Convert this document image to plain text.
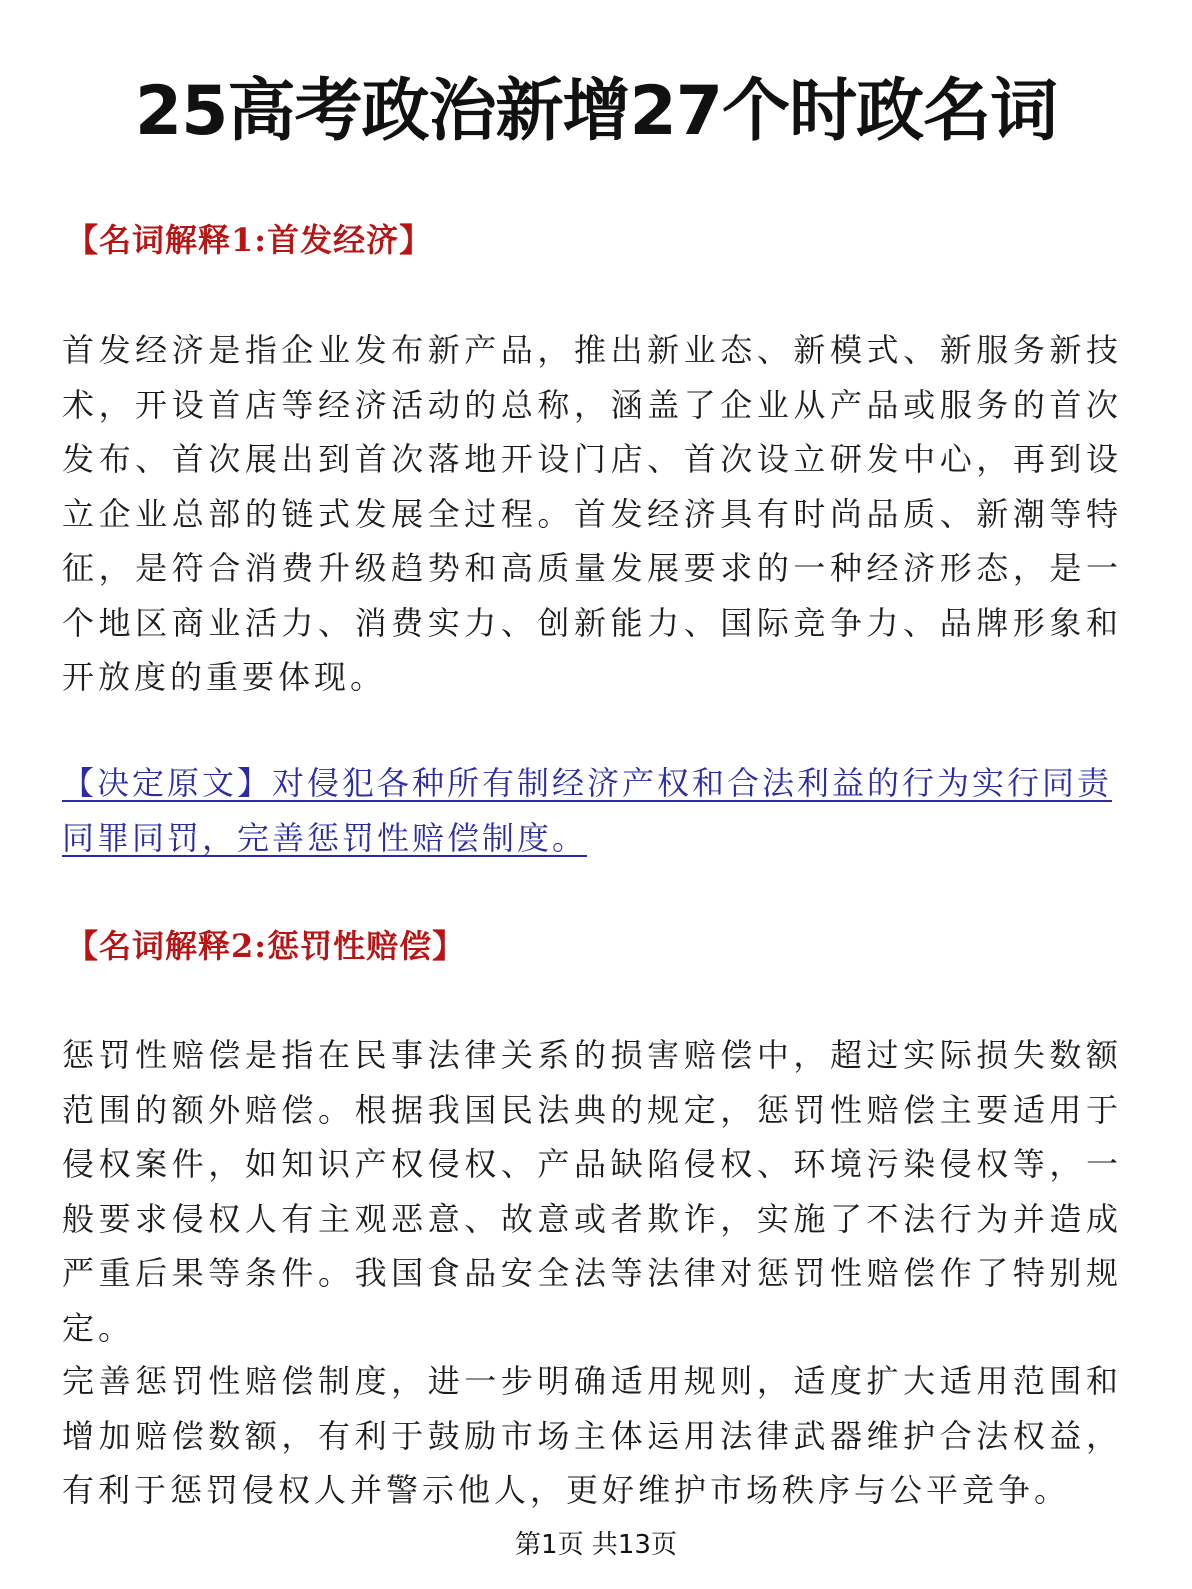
25高考政治新增27个时政名词
【名词解释1:首发经济】
首发经济是指企业发布新产品，推出新业态、新模式、新服务新技术，开设首店等经济活动的总称，涵盖了企业从产品或服务的首次发布、首次展出到首次落地开设门店、首次设立研发中心，再到设立企业总部的链式发展全过程。首发经济具有时尚品质、新潮等特征，是符合消费升级趋势和高质量发展要求的一种经济形态，是一个地区商业活力、消费实力、创新能力、国际竞争力、品牌形象和开放度的重要体现。
【决定原文】对侵犯各种所有制经济产权和合法利益的行为实行同责同罪同罚，完善惩罚性赔偿制度。
【名词解释2:惩罚性赔偿】
惩罚性赔偿是指在民事法律关系的损害赔偿中，超过实际损失数额范围的额外赔偿。根据我国民法典的规定，惩罚性赔偿主要适用于侵权案件，如知识产权侵权、产品缺陷侵权、环境污染侵权等，一般要求侵权人有主观恶意、故意或者欺诈，实施了不法行为并造成严重后果等条件。我国食品安全法等法律对惩罚性赔偿作了特别规定。
完善惩罚性赔偿制度，进一步明确适用规则，适度扩大适用范围和增加赔偿数额，有利于鼓励市场主体运用法律武器维护合法权益，有利于惩罚侵权人并警示他人，更好维护市场秩序与公平竞争。
第1页 共13页
